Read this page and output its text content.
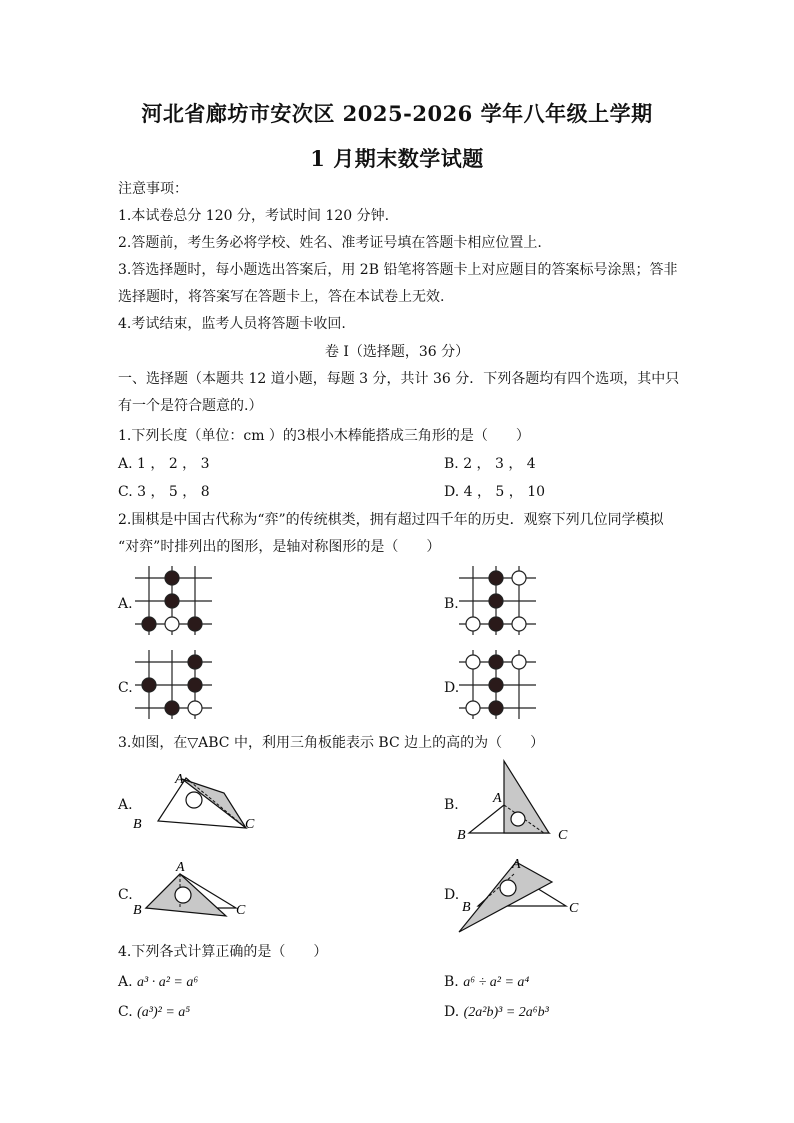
河北省廊坊市安次区 2025-2026 学年八年级上学期
1 月期末数学试题
注意事项：
1.本试卷总分 120 分，考试时间 120 分钟.
2.答题前，考生务必将学校、姓名、准考证号填在答题卡相应位置上.
3.答选择题时，每小题选出答案后，用 2B 铅笔将答题卡上对应题目的答案标号涂黑；答非
选择题时，将答案写在答题卡上，答在本试卷上无效.
4.考试结束，监考人员将答题卡收回.
卷 I（选择题，36 分）
一、选择题（本题共 12 道小题，每题 3 分，共计 36 分．下列各题均有四个选项，其中只
有一个是符合题意的.）
1.下列长度（单位：cm ）的3根小木棒能搭成三角形的是（　　）
A. 1 ， 2 ， 3	B. 2 ， 3 ， 4
C. 3 ， 5 ， 8	D. 4 ， 5 ， 10
2.围棋是中国古代称为“弈”的传统棋类，拥有超过四千年的历史．观察下列几位同学模拟
“对弈”时排列出的图形，是轴对称图形的是（　　）
A.	B.
C.	D.
3.如图，在▽ABC 中，利用三角板能表示 BC 边上的高的为（　　）
A.
A
B	C
B. A
B	C
C.
A
B	C
D.
A
B	C
4.下列各式计算正确的是（　　）
A. a³ · a² = a⁶	B. a⁶ ÷ a² = a⁴
C. (a³)² = a⁵	D. (2a²b)³ = 2a⁶b³
